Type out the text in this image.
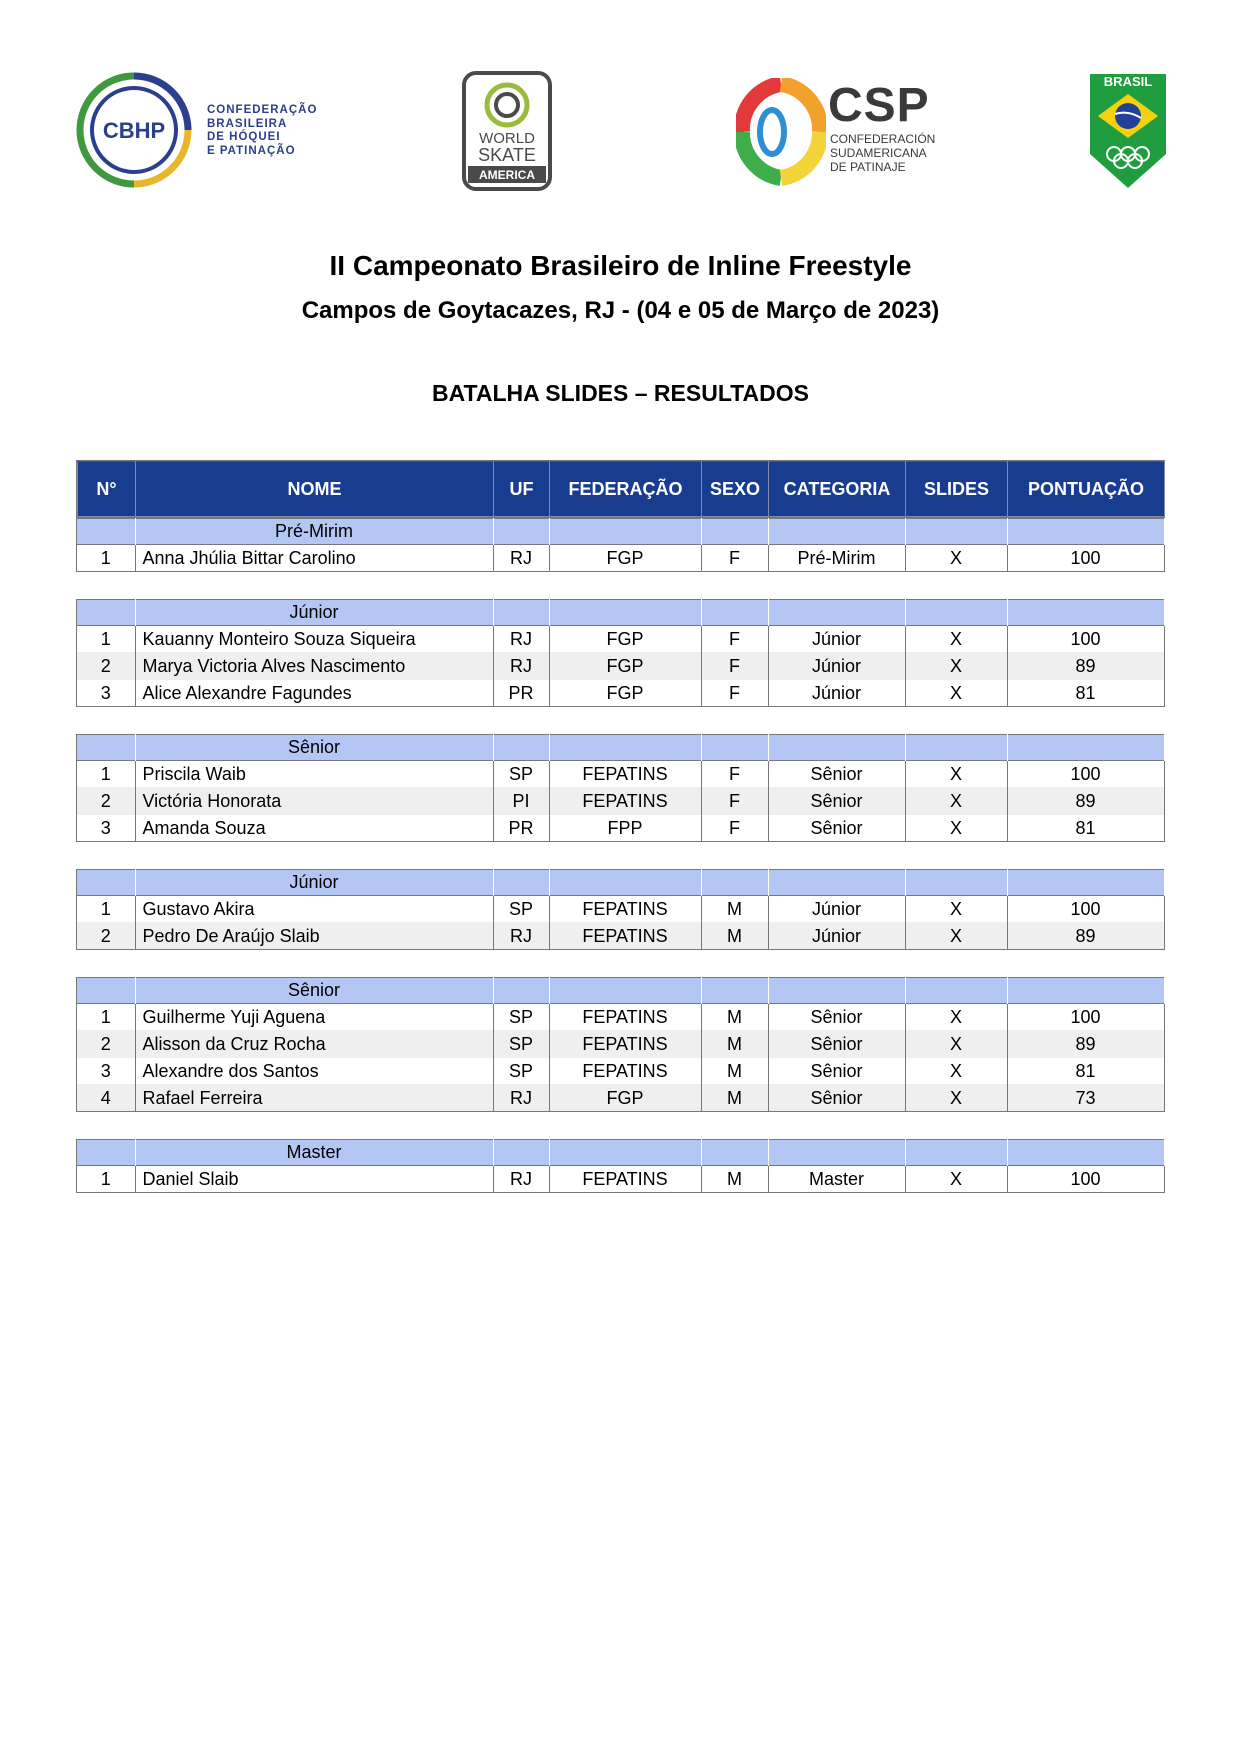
CBHP
CONFEDERAÇÃO
BRASILEIRA
DE HÓQUEI
E PATINAÇÃO
WORLD
SKATE
AMERICA
CSP
CONFEDERACIÓN
SUDAMERICANA
DE PATINAJE
BRASIL
II Campeonato Brasileiro de Inline Freestyle
Campos de Goytacazes, RJ - (04 e 05 de Março de 2023)
BATALHA SLIDES – RESULTADOS
N°	NOME	UF	FEDERAÇÃO	SEXO	CATEGORIA	SLIDES	PONTUAÇÃO
	Pré-Mirim						
1	Anna Jhúlia Bittar Carolino	RJ	FGP	F	Pré-Mirim	X	100
	Júnior						
1	Kauanny Monteiro Souza Siqueira	RJ	FGP	F	Júnior	X	100
2	Marya Victoria Alves Nascimento	RJ	FGP	F	Júnior	X	89
3	Alice Alexandre Fagundes	PR	FGP	F	Júnior	X	81
	Sênior						
1	Priscila Waib	SP	FEPATINS	F	Sênior	X	100
2	Victória Honorata	PI	FEPATINS	F	Sênior	X	89
3	Amanda Souza	PR	FPP	F	Sênior	X	81
	Júnior						
1	Gustavo Akira	SP	FEPATINS	M	Júnior	X	100
2	Pedro De Araújo Slaib	RJ	FEPATINS	M	Júnior	X	89
	Sênior						
1	Guilherme Yuji Aguena	SP	FEPATINS	M	Sênior	X	100
2	Alisson da Cruz Rocha	SP	FEPATINS	M	Sênior	X	89
3	Alexandre dos Santos	SP	FEPATINS	M	Sênior	X	81
4	Rafael Ferreira	RJ	FGP	M	Sênior	X	73
	Master						
1	Daniel Slaib	RJ	FEPATINS	M	Master	X	100
